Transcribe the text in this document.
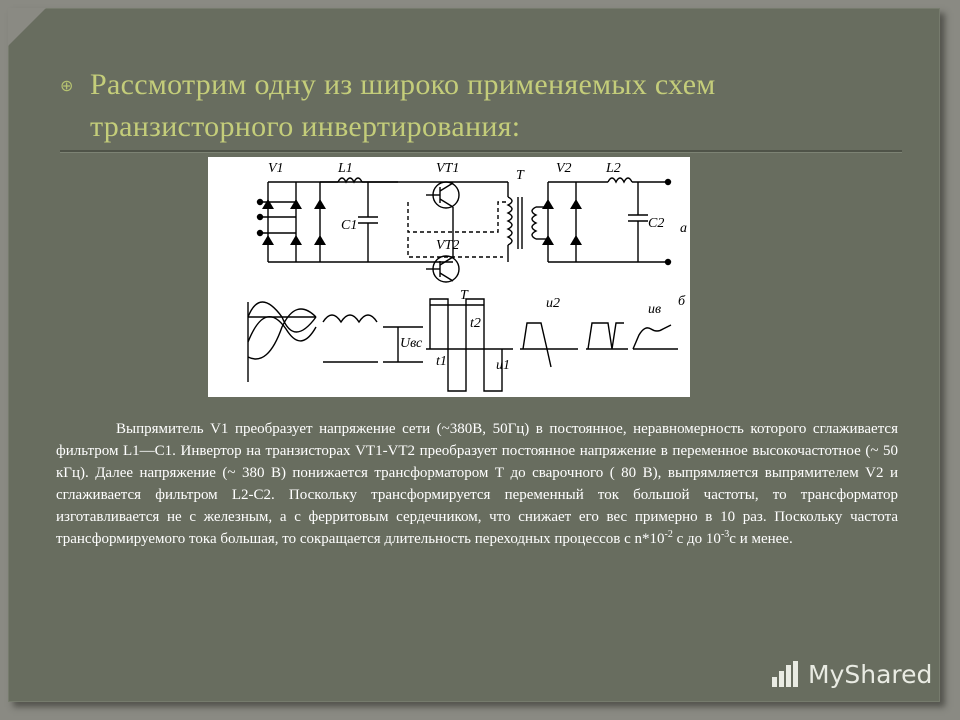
⊕ Рассмотрим одну из широко применяемых схем транзисторного инвертирования:
V1	L1	VT1	T V2 L2
C1	C2 a
VT2
T
u2	б
t2
Uвс
t1	u1
uв
Выпрямитель V1 преобразует напряжение сети (~380В, 50Гц) в постоянное, неравномерность которого сглаживается фильтром L1—С1. Инвертор на транзисторах VT1-VT2 преобразует постоянное напряжение в переменное высокочастотное (~ 50 кГц). Далее напряжение (~ 380 В) понижается трансформатором Т до сварочного ( 80 В), выпрямляется выпрямителем V2 и сглаживается фильтром L2-С2. Поскольку трансформируется переменный ток большой частоты, то трансформатор изготавливается не с железным, а с ферритовым сердечником, что снижает его вес примерно в 10 раз. Поскольку частота трансформируемого тока большая, то сокращается длительность переходных процессов с $n*10^{-2}$ с до $10^{-3}с$ и менее.
MyShared
